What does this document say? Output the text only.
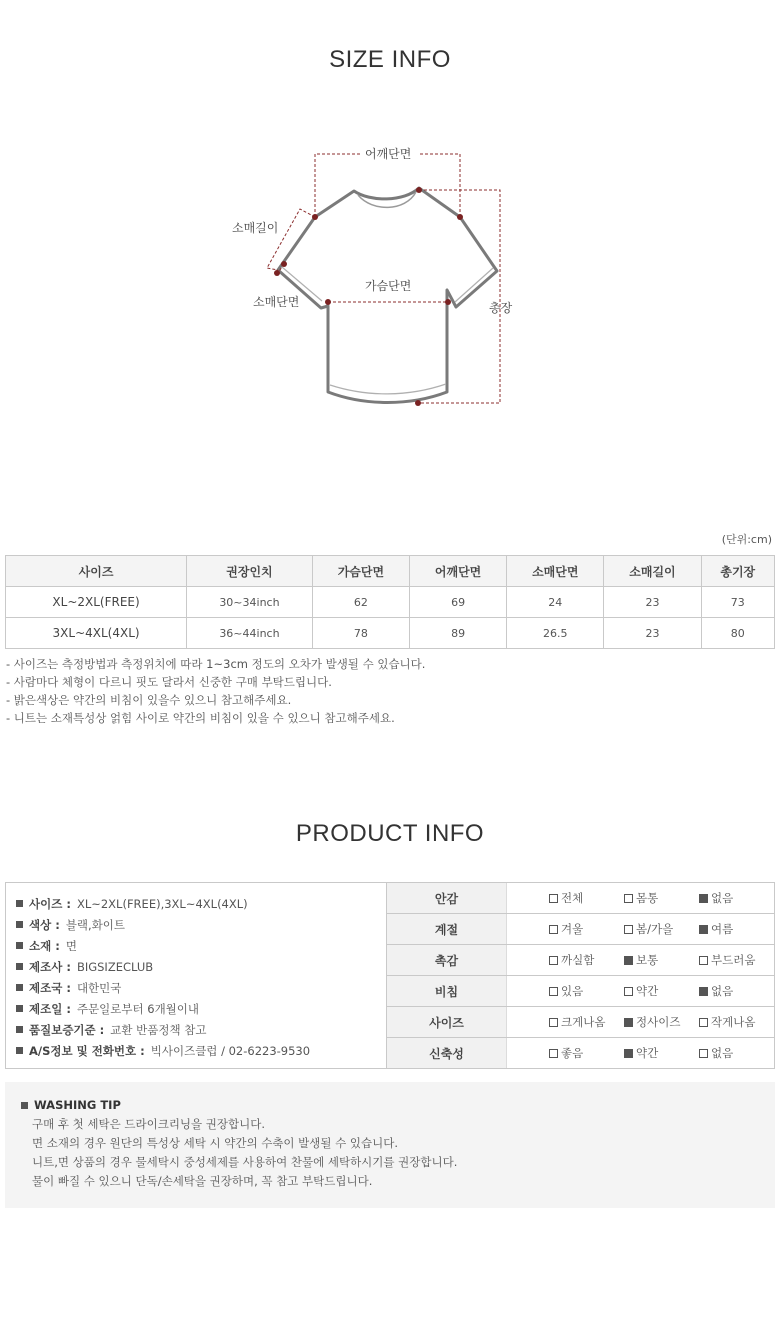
SIZE INFO
어깨단면
소매길이
소매단면
가슴단면
총장
(단위:cm)
사이즈	권장인치	가슴단면	어깨단면	소매단면	소매길이	총기장
XL~2XL(FREE)	30~34inch	62	69	24	23	73
3XL~4XL(4XL)	36~44inch	78	89	26.5	23	80
- 사이즈는 측정방법과 측정위치에 따라 1~3cm 정도의 오차가 발생될 수 있습니다.
- 사람마다 체형이 다르니 핏도 달라서 신중한 구매 부탁드립니다.
- 밝은색상은 약간의 비침이 있을수 있으니 참고해주세요.
- 니트는 소재특성상 얽힘 사이로 약간의 비침이 있을 수 있으니 참고해주세요.
PRODUCT INFO
사이즈 : XL~2XL(FREE),3XL~4XL(4XL)
색상 : 블랙,화이트
소재 : 면
제조사 : BIGSIZECLUB
제조국 : 대한민국
제조일 : 주문일로부터 6개월이내
품질보증기준 : 교환 반품정책 참고
A/S정보 및 전화번호 : 빅사이즈클럽 / 02-6223-9530
안감	전체	몸통	없음
계절	겨울	봄/가을	여름
촉감	까실함	보통	부드러움
비침	있음	약간	없음
사이즈	크게나옴	정사이즈	작게나옴
신축성	좋음	약간	없음
WASHING TIP
구매 후 첫 세탁은 드라이크리닝을 권장합니다.
면 소재의 경우 원단의 특성상 세탁 시 약간의 수축이 발생될 수 있습니다.
니트,면 상품의 경우 물세탁시 중성세제를 사용하여 찬물에 세탁하시기를 권장합니다.
물이 빠질 수 있으니 단독/손세탁을 권장하며, 꼭 참고 부탁드립니다.
